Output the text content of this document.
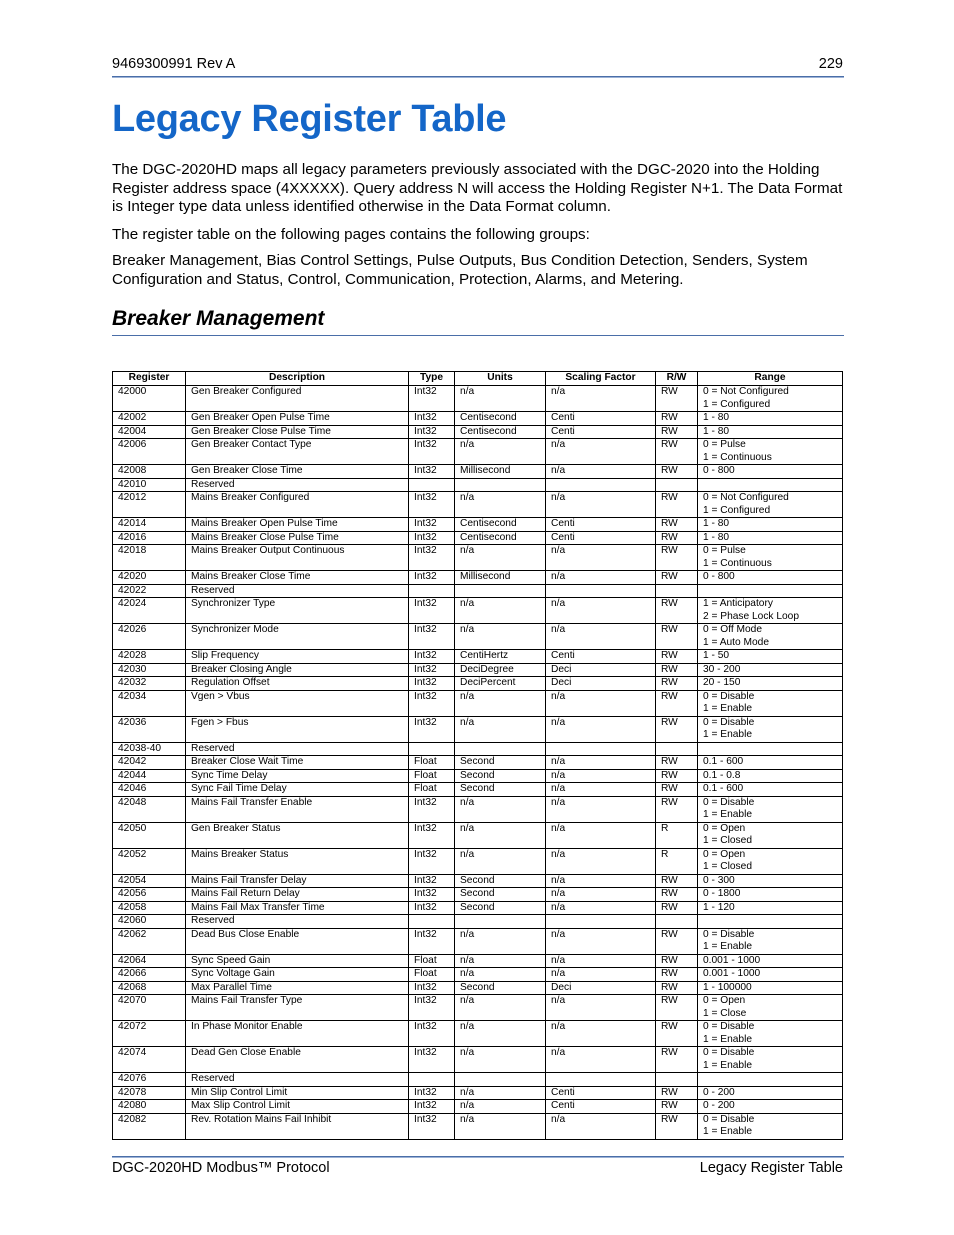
9469300991 Rev A	229
Legacy Register Table

The DGC-2020HD maps all legacy parameters previously associated with the DGC-2020 into the Holding Register address space (4XXXXX). Query address N will access the Holding Register N+1. The Data Format is Integer type data unless identified otherwise in the Data Format column.

The register table on the following pages contains the following groups:

Breaker Management, Bias Control Settings, Pulse Outputs, Bus Condition Detection, Senders, System Configuration and Status, Control, Communication, Protection, Alarms, and Metering.

Breaker Management
Register	Description	Type	Units	Scaling Factor	R/W	Range
42000	Gen Breaker Configured	Int32	n/a	n/a	RW	0 = Not Configured
						1 = Configured
42002	Gen Breaker Open Pulse Time	Int32	Centisecond	Centi	RW	1 - 80
42004	Gen Breaker Close Pulse Time	Int32	Centisecond	Centi	RW	1 - 80
42006	Gen Breaker Contact Type	Int32	n/a	n/a	RW	0 = Pulse
						1 = Continuous
42008	Gen Breaker Close Time	Int32	Millisecond	n/a	RW	0 - 800
42010	Reserved					
42012	Mains Breaker Configured	Int32	n/a	n/a	RW	0 = Not Configured
						1 = Configured
42014	Mains Breaker Open Pulse Time	Int32	Centisecond	Centi	RW	1 - 80
42016	Mains Breaker Close Pulse Time	Int32	Centisecond	Centi	RW	1 - 80
42018	Mains Breaker Output Continuous	Int32	n/a	n/a	RW	0 = Pulse
						1 = Continuous
42020	Mains Breaker Close Time	Int32	Millisecond	n/a	RW	0 - 800
42022	Reserved					
42024	Synchronizer Type	Int32	n/a	n/a	RW	1 = Anticipatory
						2 = Phase Lock Loop
42026	Synchronizer Mode	Int32	n/a	n/a	RW	0 = Off Mode
						1 = Auto Mode
42028	Slip Frequency	Int32	CentiHertz	Centi	RW	1 - 50
42030	Breaker Closing Angle	Int32	DeciDegree	Deci	RW	30 - 200
42032	Regulation Offset	Int32	DeciPercent	Deci	RW	20 - 150
42034	Vgen > Vbus	Int32	n/a	n/a	RW	0 = Disable
						1 = Enable
42036	Fgen > Fbus	Int32	n/a	n/a	RW	0 = Disable
						1 = Enable
42038-40	Reserved					
42042	Breaker Close Wait Time	Float	Second	n/a	RW	0.1 - 600
42044	Sync Time Delay	Float	Second	n/a	RW	0.1 - 0.8
42046	Sync Fail Time Delay	Float	Second	n/a	RW	0.1 - 600
42048	Mains Fail Transfer Enable	Int32	n/a	n/a	RW	0 = Disable
						1 = Enable
42050	Gen Breaker Status	Int32	n/a	n/a	R	0 = Open
						1 = Closed
42052	Mains Breaker Status	Int32	n/a	n/a	R	0 = Open
						1 = Closed
42054	Mains Fail Transfer Delay	Int32	Second	n/a	RW	0 - 300
42056	Mains Fail Return Delay	Int32	Second	n/a	RW	0 - 1800
42058	Mains Fail Max Transfer Time	Int32	Second	n/a	RW	1 - 120
42060	Reserved					
42062	Dead Bus Close Enable	Int32	n/a	n/a	RW	0 = Disable
						1 = Enable
42064	Sync Speed Gain	Float	n/a	n/a	RW	0.001 - 1000
42066	Sync Voltage Gain	Float	n/a	n/a	RW	0.001 - 1000
42068	Max Parallel Time	Int32	Second	Deci	RW	1 - 100000
42070	Mains Fail Transfer Type	Int32	n/a	n/a	RW	0 = Open
						1 = Close
42072	In Phase Monitor Enable	Int32	n/a	n/a	RW	0 = Disable
						1 = Enable
42074	Dead Gen Close Enable	Int32	n/a	n/a	RW	0 = Disable
						1 = Enable
42076	Reserved					
42078	Min Slip Control Limit	Int32	n/a	Centi	RW	0 - 200
42080	Max Slip Control Limit	Int32	n/a	Centi	RW	0 - 200
42082	Rev. Rotation Mains Fail Inhibit	Int32	n/a	n/a	RW	0 = Disable
						1 = Enable
DGC-2020HD Modbus™ Protocol	Legacy Register Table
